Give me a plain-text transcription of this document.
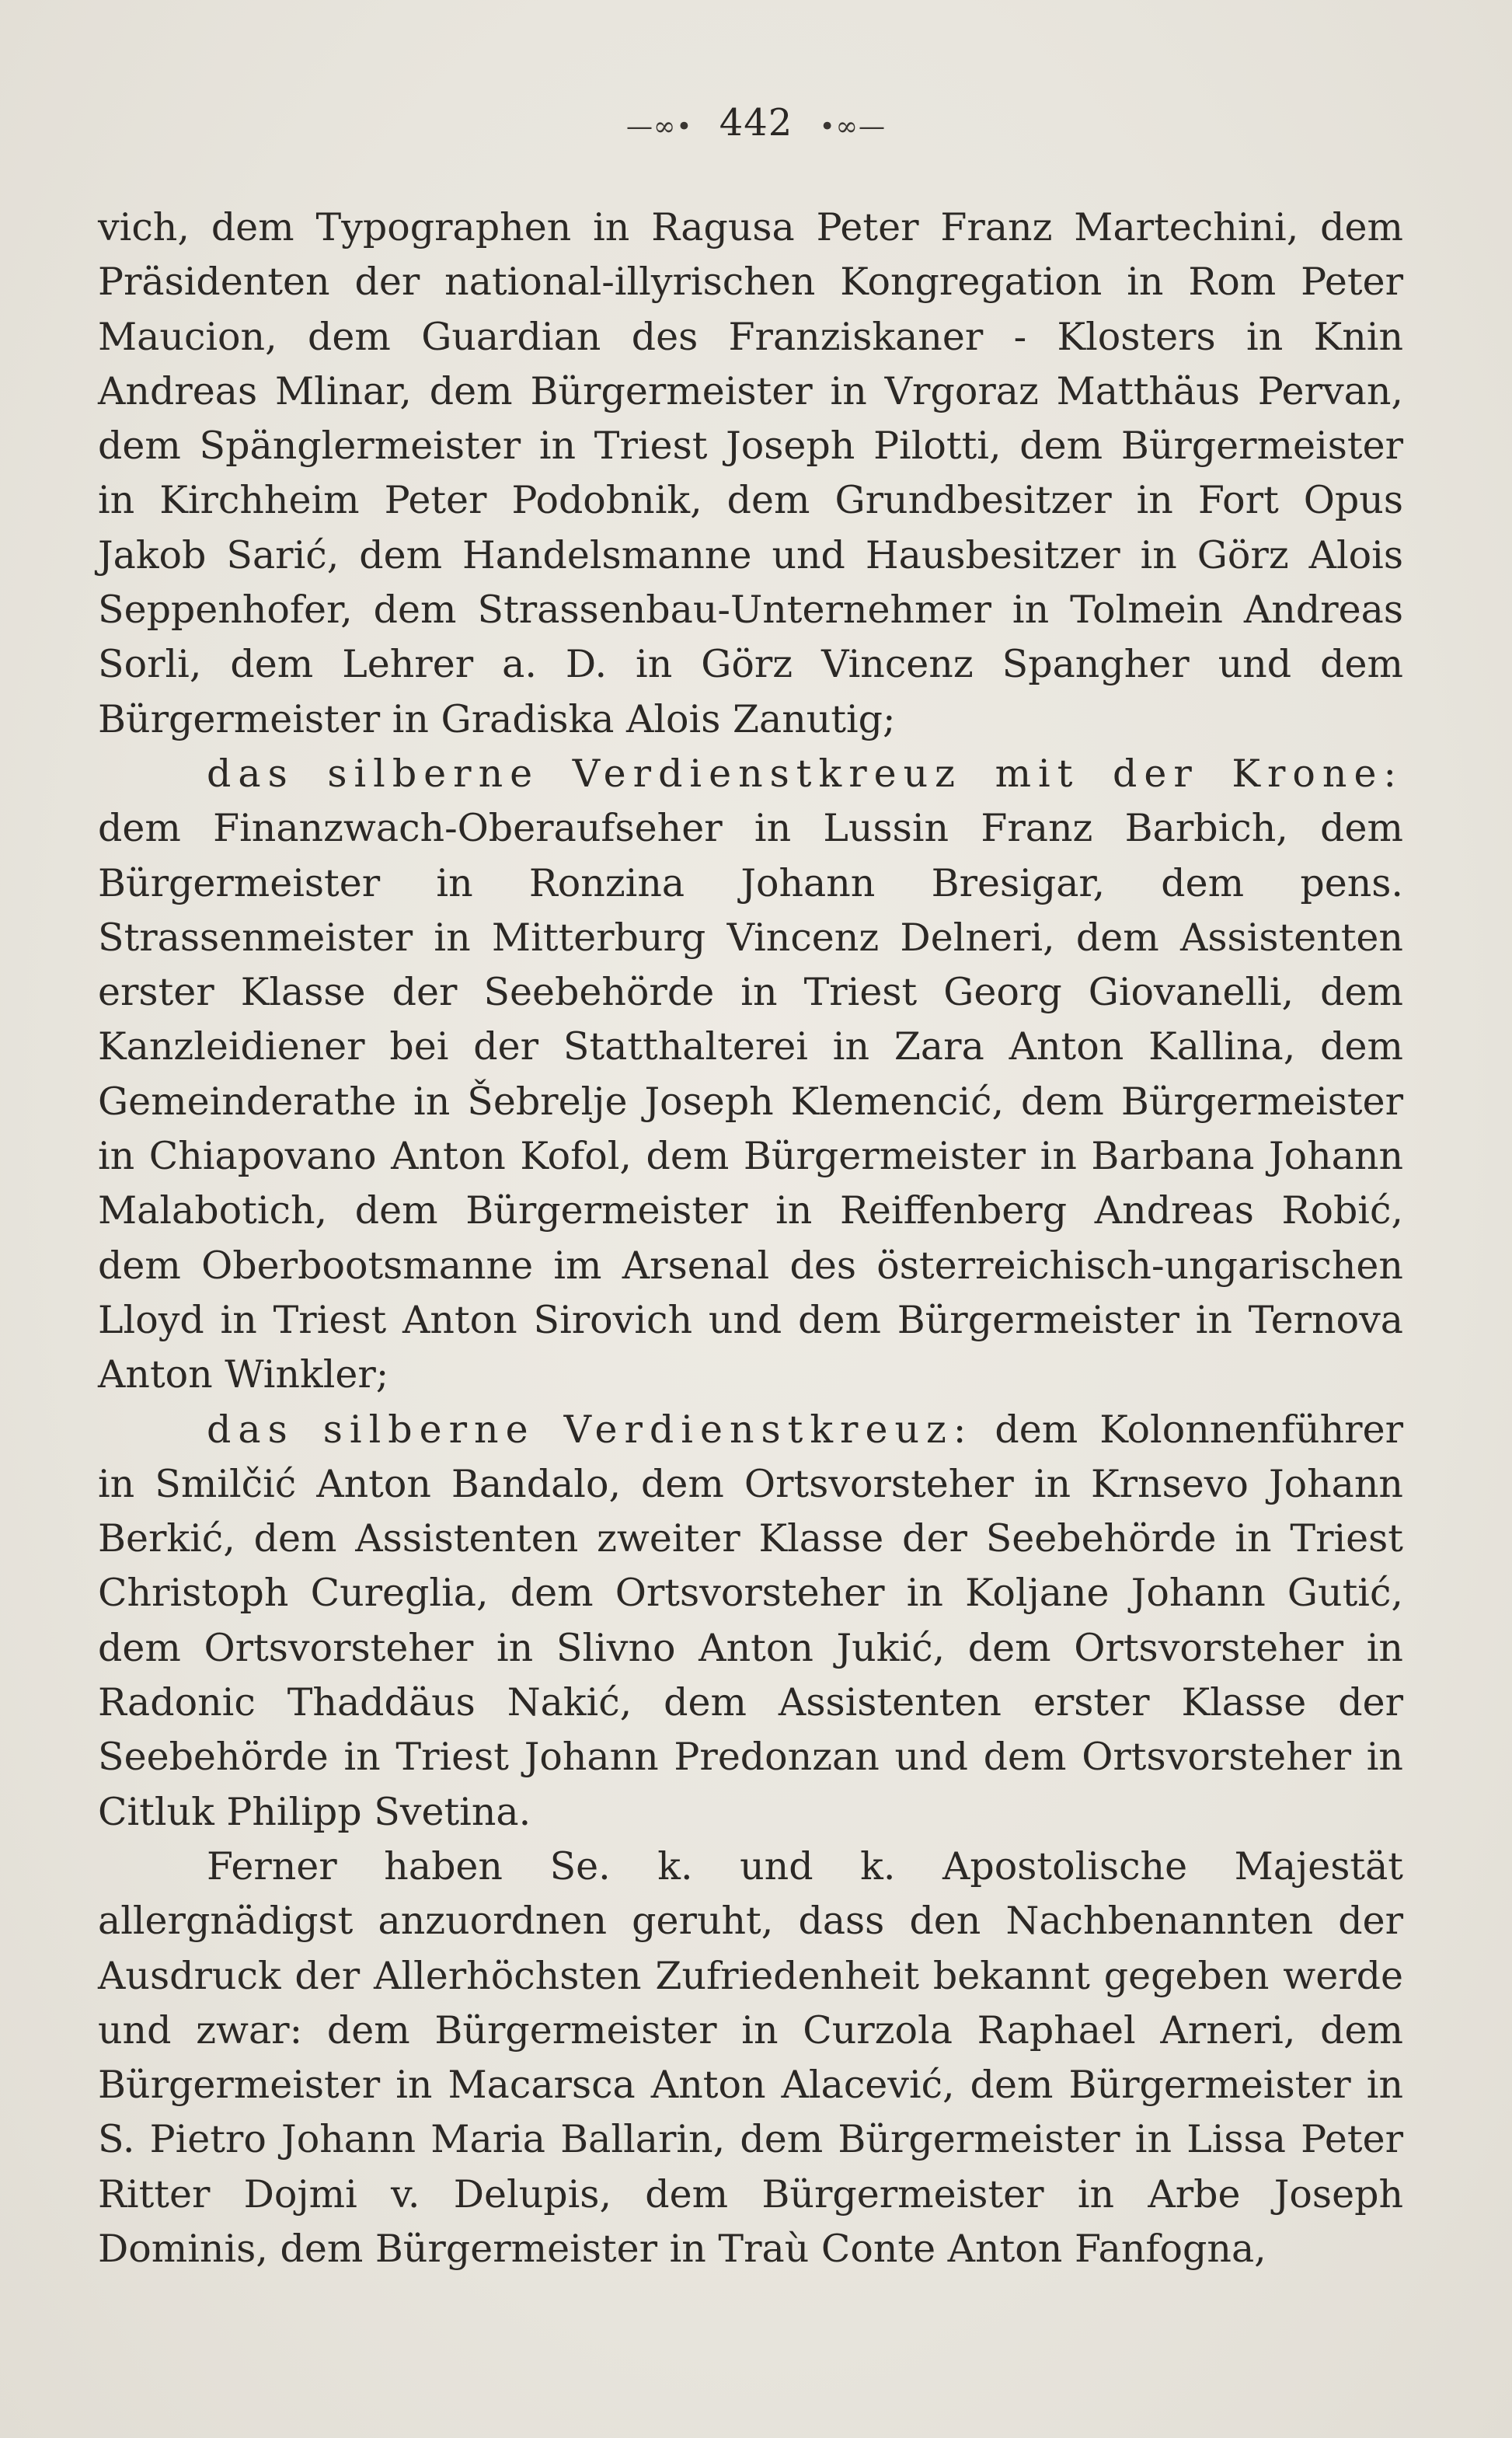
—∞• 442 •∞—

vich, dem Typographen in Ragusa Peter Franz Martechini, dem Präsidenten der national-illyrischen Kongregation in Rom Peter Maucion, dem Guardian des Franziskaner - Klosters in Knin Andreas Mlinar, dem Bürgermeister in Vrgoraz Matthäus Pervan, dem Spänglermeister in Triest Joseph Pilotti, dem Bürgermeister in Kirchheim Peter Podobnik, dem Grundbesitzer in Fort Opus Jakob Sarić, dem Handelsmanne und Hausbesitzer in Görz Alois Seppenhofer, dem Strassenbau-Unternehmer in Tolmein Andreas Sorli, dem Lehrer a. D. in Görz Vincenz Spangher und dem Bürgermeister in Gradiska Alois Zanutig;

das silberne Verdienstkreuz mit der Krone: dem Finanzwach-Oberaufseher in Lussin Franz Barbich, dem Bürgermeister in Ronzina Johann Bresigar, dem pens. Strassenmeister in Mitterburg Vincenz Delneri, dem Assistenten erster Klasse der Seebehörde in Triest Georg Giovanelli, dem Kanzleidiener bei der Statthalterei in Zara Anton Kallina, dem Gemeinderathe in Šebrelje Joseph Klemencić, dem Bürgermeister in Chiapovano Anton Kofol, dem Bürgermeister in Barbana Johann Malabotich, dem Bürgermeister in Reiffenberg Andreas Robić, dem Oberbootsmanne im Arsenal des österreichisch-ungarischen Lloyd in Triest Anton Sirovich und dem Bürgermeister in Ternova Anton Winkler;

das silberne Verdienstkreuz: dem Kolonnenführer in Smilčić Anton Bandalo, dem Ortsvorsteher in Krnsevo Johann Berkić, dem Assistenten zweiter Klasse der Seebehörde in Triest Christoph Cureglia, dem Ortsvorsteher in Koljane Johann Gutić, dem Ortsvorsteher in Slivno Anton Jukić, dem Ortsvorsteher in Radonic Thaddäus Nakić, dem Assistenten erster Klasse der Seebehörde in Triest Johann Predonzan und dem Ortsvorsteher in Citluk Philipp Svetina.

Ferner haben Se. k. und k. Apostolische Majestät allergnädigst anzuordnen geruht, dass den Nachbenannten der Ausdruck der Allerhöchsten Zufriedenheit bekannt gegeben werde und zwar: dem Bürgermeister in Curzola Raphael Arneri, dem Bürgermeister in Macarsca Anton Alacević, dem Bürgermeister in S. Pietro Johann Maria Ballarin, dem Bürgermeister in Lissa Peter Ritter Dojmi v. Delupis, dem Bürgermeister in Arbe Joseph Dominis, dem Bürgermeister in Traù Conte Anton Fanfogna,
